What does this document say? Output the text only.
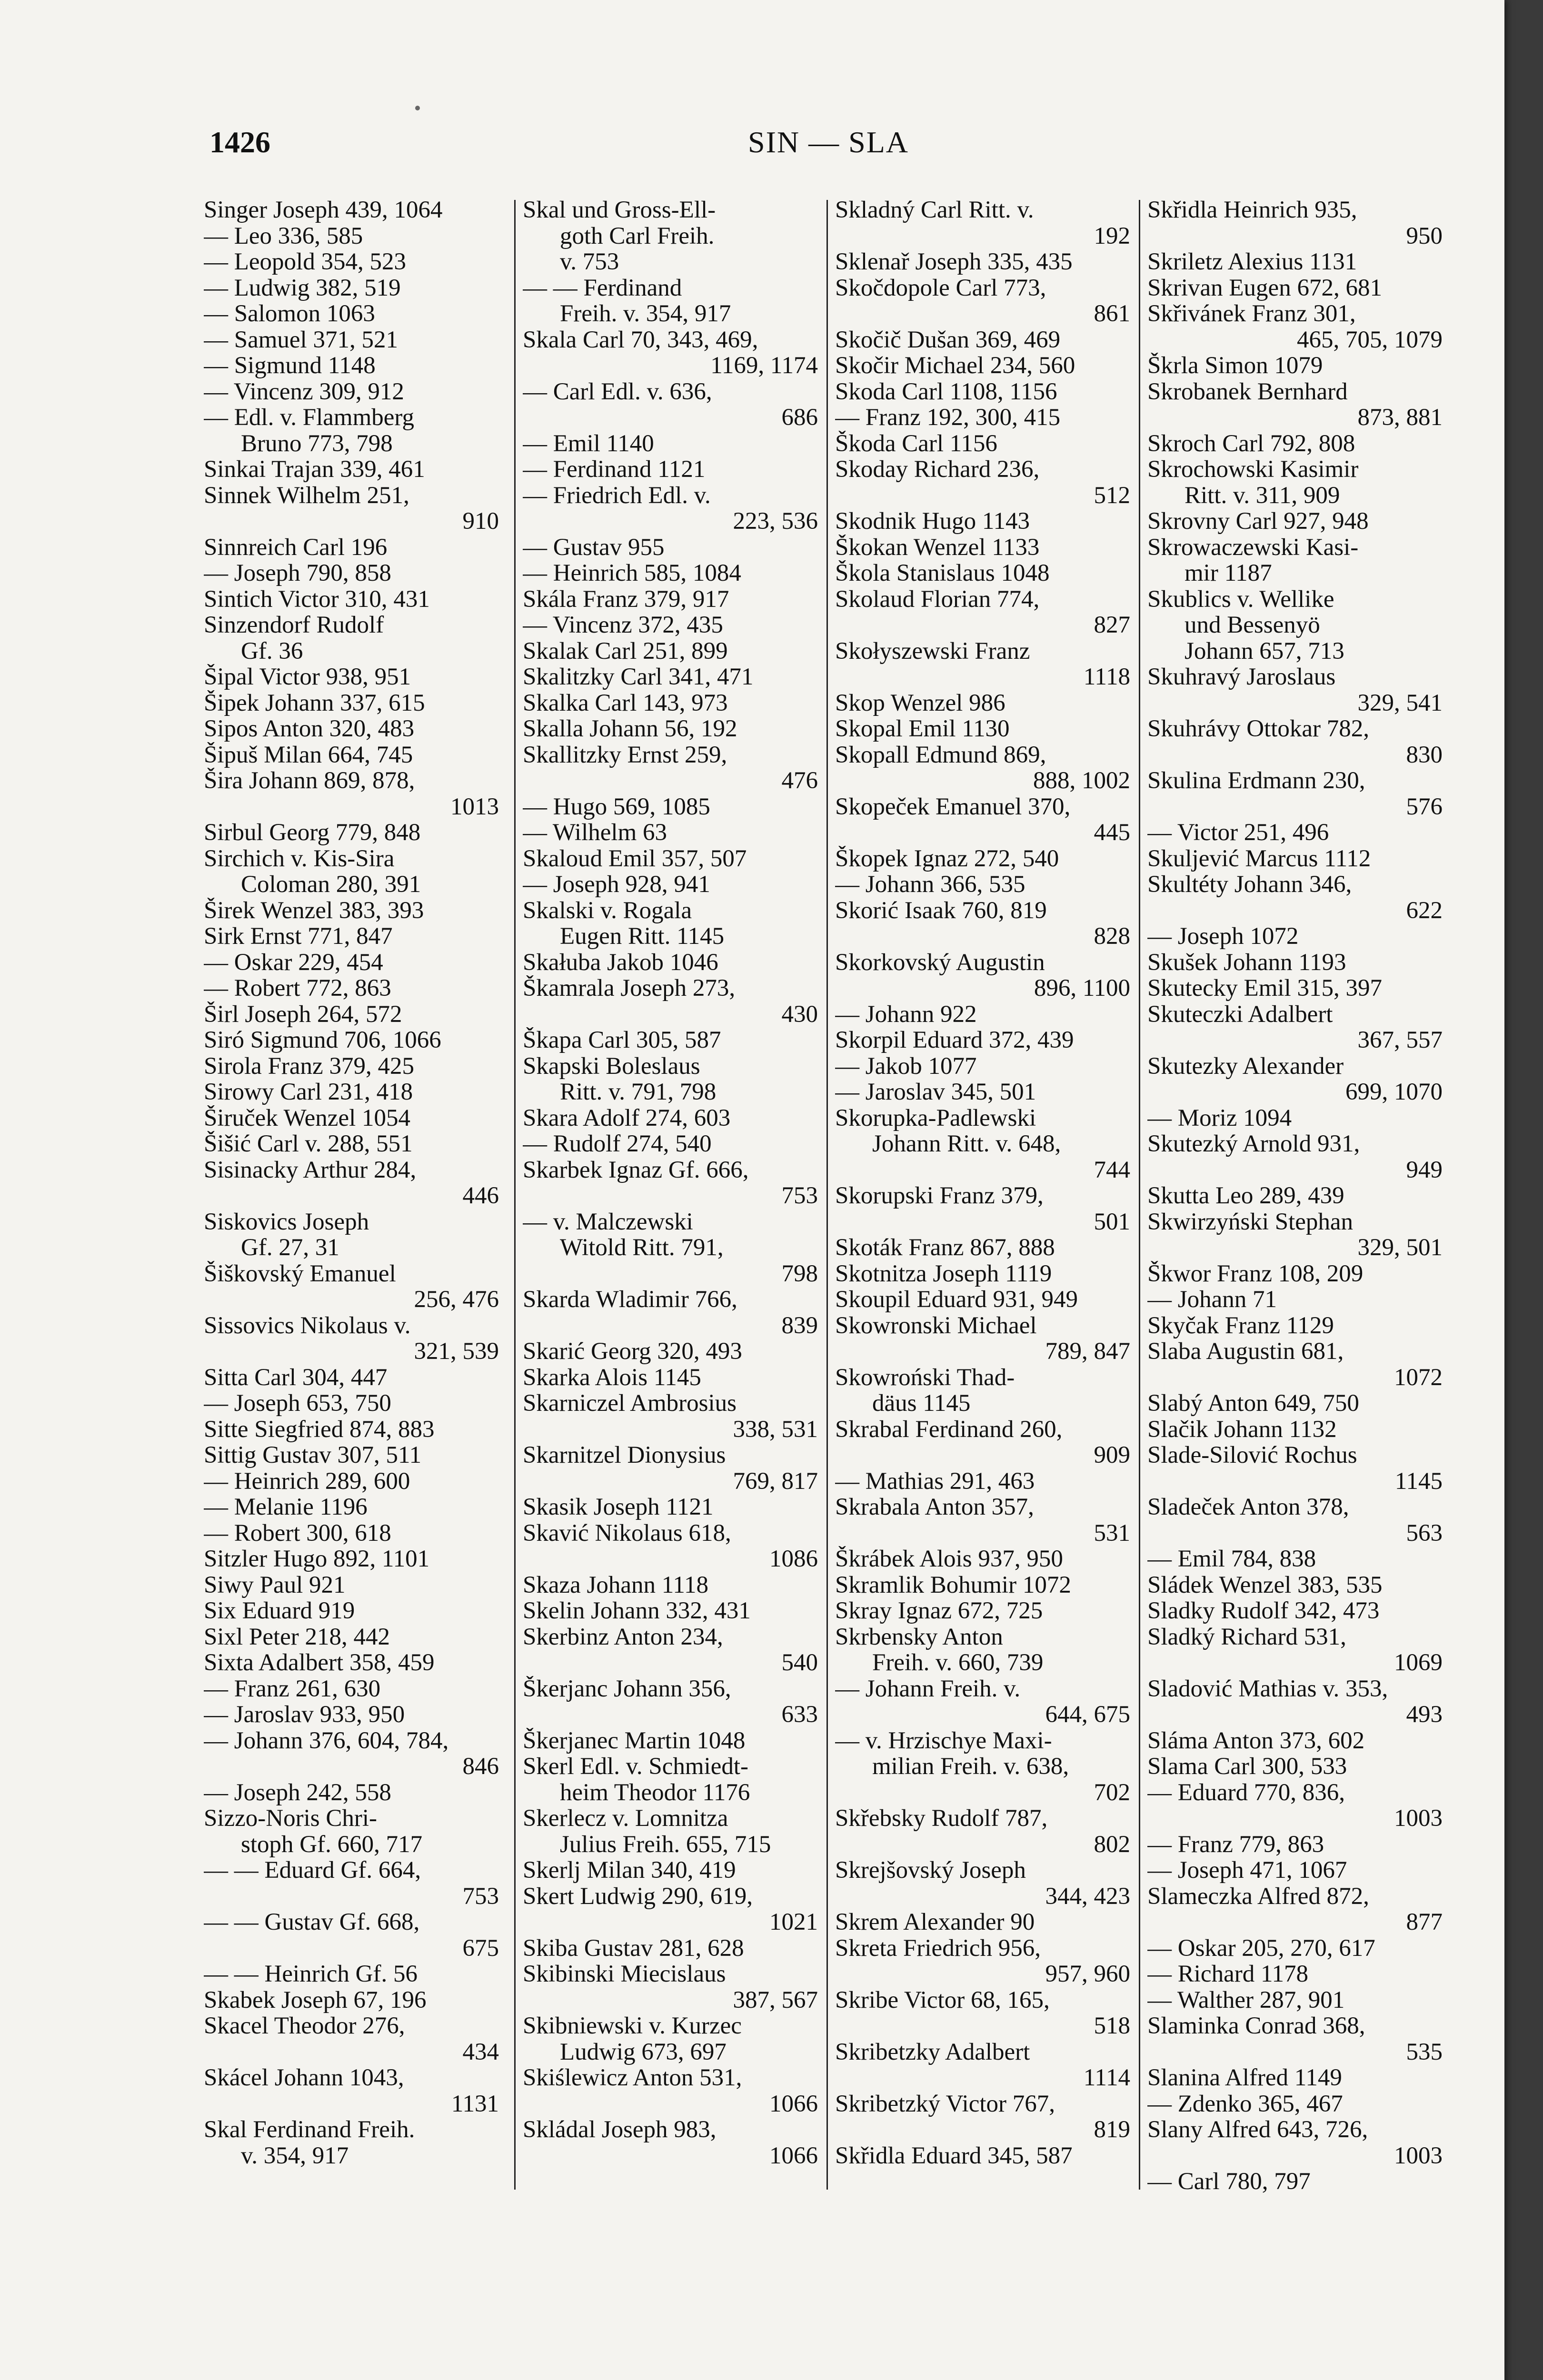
1426	SIN — SLA
Singer Joseph 439, 1064
— Leo 336, 585
— Leopold 354, 523
— Ludwig 382, 519
— Salomon 1063
— Samuel 371, 521
— Sigmund 1148
— Vincenz 309, 912
— Edl. v. Flammberg
Bruno 773, 798
Sinkai Trajan 339, 461
Sinnek Wilhelm 251,
910
Sinnreich Carl 196
— Joseph 790, 858
Sintich Victor 310, 431
Sinzendorf Rudolf
Gf. 36
Šipal Victor 938, 951
Šipek Johann 337, 615
Sipos Anton 320, 483
Šipuš Milan 664, 745
Šira Johann 869, 878,
1013
Sirbul Georg 779, 848
Sirchich v. Kis-Sira
Coloman 280, 391
Širek Wenzel 383, 393
Sirk Ernst 771, 847
— Oskar 229, 454
— Robert 772, 863
Širl Joseph 264, 572
Siró Sigmund 706, 1066
Sirola Franz 379, 425
Sirowy Carl 231, 418
Širuček Wenzel 1054
Šišić Carl v. 288, 551
Sisinacky Arthur 284,
446
Siskovics Joseph
Gf. 27, 31
Šiškovský Emanuel
256, 476
Sissovics Nikolaus v.
321, 539
Sitta Carl 304, 447
— Joseph 653, 750
Sitte Siegfried 874, 883
Sittig Gustav 307, 511
— Heinrich 289, 600
— Melanie 1196
— Robert 300, 618
Sitzler Hugo 892, 1101
Siwy Paul 921
Six Eduard 919
Sixl Peter 218, 442
Sixta Adalbert 358, 459
— Franz 261, 630
— Jaroslav 933, 950
— Johann 376, 604, 784,
846
— Joseph 242, 558
Sizzo-Noris Chri-
stoph Gf. 660, 717
— — Eduard Gf. 664,
753
— — Gustav Gf. 668,
675
— — Heinrich Gf. 56
Skabek Joseph 67, 196
Skacel Theodor 276,
434
Skácel Johann 1043,
1131
Skal Ferdinand Freih.
v. 354, 917
Skal und Gross-Ell-
goth Carl Freih.
v. 753
— — Ferdinand
Freih. v. 354, 917
Skala Carl 70, 343, 469,
1169, 1174
— Carl Edl. v. 636,
686
— Emil 1140
— Ferdinand 1121
— Friedrich Edl. v.
223, 536
— Gustav 955
— Heinrich 585, 1084
Skála Franz 379, 917
— Vincenz 372, 435
Skalak Carl 251, 899
Skalitzky Carl 341, 471
Skalka Carl 143, 973
Skalla Johann 56, 192
Skallitzky Ernst 259,
476
— Hugo 569, 1085
— Wilhelm 63
Skaloud Emil 357, 507
— Joseph 928, 941
Skalski v. Rogala
Eugen Ritt. 1145
Skałuba Jakob 1046
Škamrala Joseph 273,
430
Škapa Carl 305, 587
Skapski Boleslaus
Ritt. v. 791, 798
Skara Adolf 274, 603
— Rudolf 274, 540
Skarbek Ignaz Gf. 666,
753
— v. Malczewski
Witold Ritt. 791,
798
Skarda Wladimir 766,
839
Skarić Georg 320, 493
Skarka Alois 1145
Skarniczel Ambrosius
338, 531
Skarnitzel Dionysius
769, 817
Skasik Joseph 1121
Skavić Nikolaus 618,
1086
Skaza Johann 1118
Skelin Johann 332, 431
Skerbinz Anton 234,
540
Škerjanc Johann 356,
633
Škerjanec Martin 1048
Skerl Edl. v. Schmiedt-
heim Theodor 1176
Skerlecz v. Lomnitza
Julius Freih. 655, 715
Skerlj Milan 340, 419
Skert Ludwig 290, 619,
1021
Skiba Gustav 281, 628
Skibinski Miecislaus
387, 567
Skibniewski v. Kurzec
Ludwig 673, 697
Skiślewicz Anton 531,
1066
Skládal Joseph 983,
1066
Skladný Carl Ritt. v.
192
Sklenař Joseph 335, 435
Skočdopole Carl 773,
861
Skočič Dušan 369, 469
Skočir Michael 234, 560
Skoda Carl 1108, 1156
— Franz 192, 300, 415
Škoda Carl 1156
Skoday Richard 236,
512
Skodnik Hugo 1143
Škokan Wenzel 1133
Škola Stanislaus 1048
Skolaud Florian 774,
827
Skołyszewski Franz
1118
Skop Wenzel 986
Skopal Emil 1130
Skopall Edmund 869,
888, 1002
Skopeček Emanuel 370,
445
Škopek Ignaz 272, 540
— Johann 366, 535
Skorić Isaak 760, 819
828
Skorkovský Augustin
896, 1100
— Johann 922
Skorpil Eduard 372, 439
— Jakob 1077
— Jaroslav 345, 501
Skorupka-Padlewski
Johann Ritt. v. 648,
744
Skorupski Franz 379,
501
Skoták Franz 867, 888
Skotnitza Joseph 1119
Skoupil Eduard 931, 949
Skowronski Michael
789, 847
Skowroński Thad-
däus 1145
Skrabal Ferdinand 260,
909
— Mathias 291, 463
Skrabala Anton 357,
531
Škrábek Alois 937, 950
Skramlik Bohumir 1072
Skray Ignaz 672, 725
Skrbensky Anton
Freih. v. 660, 739
— Johann Freih. v.
644, 675
— v. Hrzischye Maxi-
milian Freih. v. 638,
702
Skřebsky Rudolf 787,
802
Skrejšovský Joseph
344, 423
Skrem Alexander 90
Skreta Friedrich 956,
957, 960
Skribe Victor 68, 165,
518
Skribetzky Adalbert
1114
Skribetzký Victor 767,
819
Skřidla Eduard 345, 587
Skřidla Heinrich 935,
950
Skriletz Alexius 1131
Skrivan Eugen 672, 681
Skřivánek Franz 301,
465, 705, 1079
Škrla Simon 1079
Skrobanek Bernhard
873, 881
Skroch Carl 792, 808
Skrochowski Kasimir
Ritt. v. 311, 909
Skrovny Carl 927, 948
Skrowaczewski Kasi-
mir 1187
Skublics v. Wellike
und Bessenyö
Johann 657, 713
Skuhravý Jaroslaus
329, 541
Skuhrávy Ottokar 782,
830
Skulina Erdmann 230,
576
— Victor 251, 496
Skuljević Marcus 1112
Skultéty Johann 346,
622
— Joseph 1072
Skušek Johann 1193
Skutecky Emil 315, 397
Skuteczki Adalbert
367, 557
Skutezky Alexander
699, 1070
— Moriz 1094
Skutezký Arnold 931,
949
Skutta Leo 289, 439
Skwirzyński Stephan
329, 501
Škwor Franz 108, 209
— Johann 71
Skyčak Franz 1129
Slaba Augustin 681,
1072
Slabý Anton 649, 750
Slačik Johann 1132
Slade-Silović Rochus
1145
Sladeček Anton 378,
563
— Emil 784, 838
Sládek Wenzel 383, 535
Sladky Rudolf 342, 473
Sladký Richard 531,
1069
Sladović Mathias v. 353,
493
Sláma Anton 373, 602
Slama Carl 300, 533
— Eduard 770, 836,
1003
— Franz 779, 863
— Joseph 471, 1067
Slameczka Alfred 872,
877
— Oskar 205, 270, 617
— Richard 1178
— Walther 287, 901
Slaminka Conrad 368,
535
Slanina Alfred 1149
— Zdenko 365, 467
Slany Alfred 643, 726,
1003
— Carl 780, 797
